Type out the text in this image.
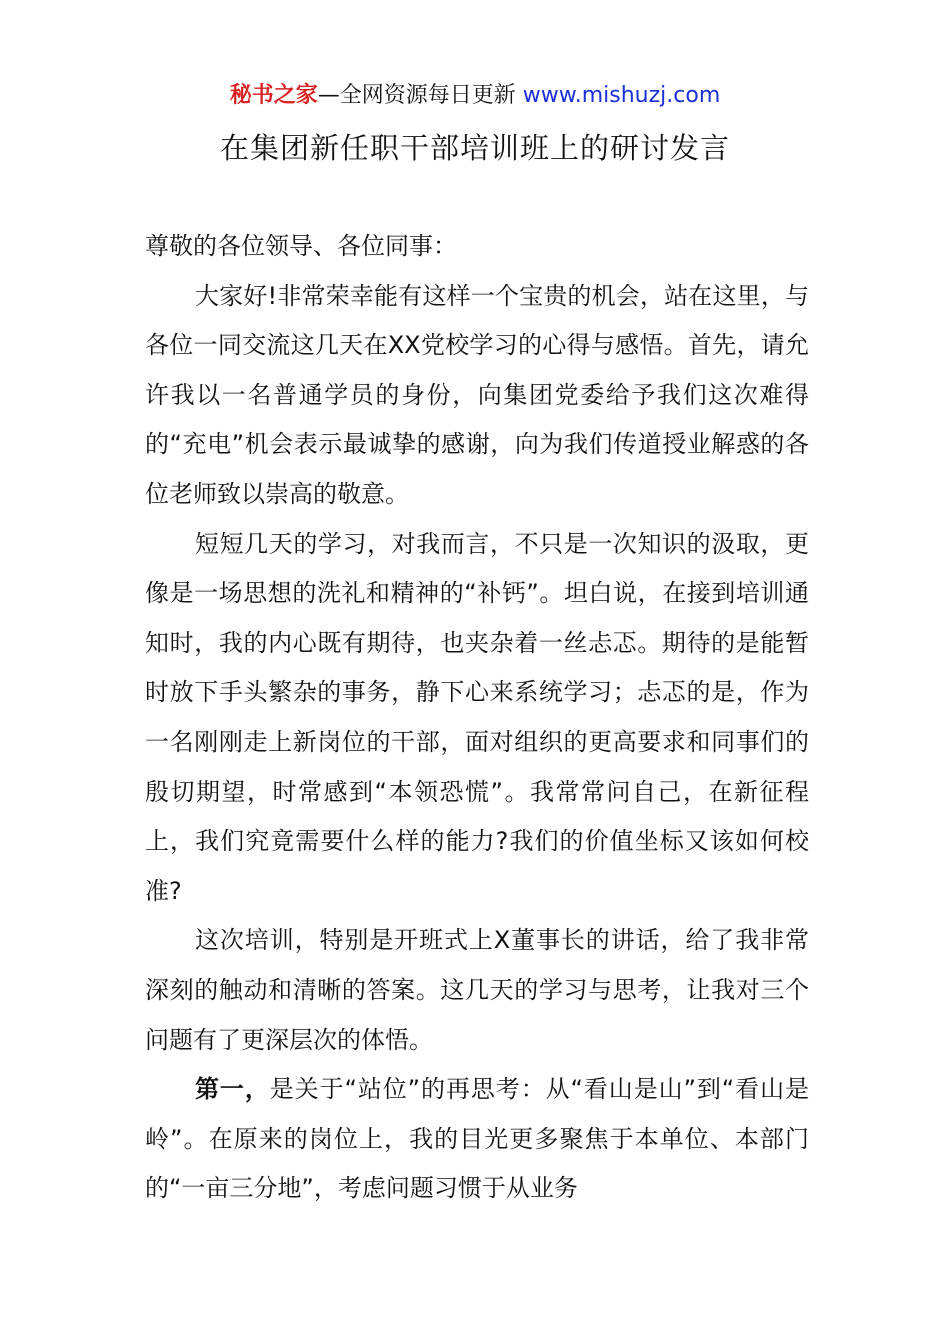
秘书之家—全网资源每日更新 www.mishuzj.com
在集团新任职干部培训班上的研讨发言

尊敬的各位领导、各位同事：

大家好!非常荣幸能有这样一个宝贵的机会，站在这里，与各位一同交流这几天在XX党校学习的心得与感悟。首先，请允许我以一名普通学员的身份，向集团党委给予我们这次难得的“充电”机会表示最诚挚的感谢，向为我们传道授业解惑的各位老师致以崇高的敬意。

短短几天的学习，对我而言，不只是一次知识的汲取，更像是一场思想的洗礼和精神的“补钙”。坦白说，在接到培训通知时，我的内心既有期待，也夹杂着一丝忐忑。期待的是能暂时放下手头繁杂的事务，静下心来系统学习；忐忑的是，作为一名刚刚走上新岗位的干部，面对组织的更高要求和同事们的殷切期望，时常感到“本领恐慌”。我常常问自己，在新征程上，我们究竟需要什么样的能力?我们的价值坐标又该如何校准?

这次培训，特别是开班式上X董事长的讲话，给了我非常深刻的触动和清晰的答案。这几天的学习与思考，让我对三个问题有了更深层次的体悟。

第一，是关于“站位”的再思考：从“看山是山”到“看山是岭”。在原来的岗位上，我的目光更多聚焦于本单位、本部门的“一亩三分地”，考虑问题习惯于从业务
